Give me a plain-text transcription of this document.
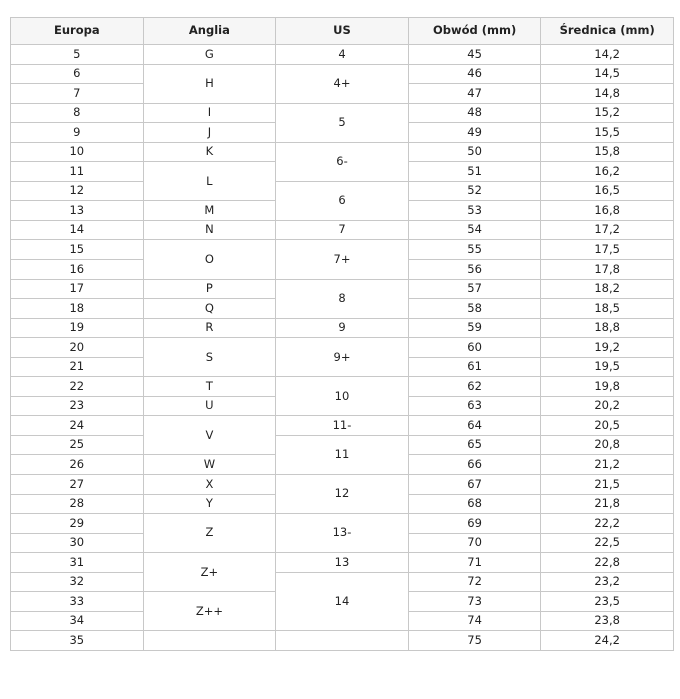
Europa	Anglia	US	Obwód (mm)	Średnica (mm)
5	G	4	45	14,2
6	H	4+	46	14,5
7			47	14,8
8	I	5	48	15,2
9	J		49	15,5
10	K	6-	50	15,8
11	L		51	16,2
12		6	52	16,5
13	M		53	16,8
14	N	7	54	17,2
15	O	7+	55	17,5
16			56	17,8
17	P	8	57	18,2
18	Q		58	18,5
19	R	9	59	18,8
20	S	9+	60	19,2
21			61	19,5
22	T	10	62	19,8
23	U		63	20,2
24	V	11-	64	20,5
25		11	65	20,8
26	W		66	21,2
27	X	12	67	21,5
28	Y		68	21,8
29	Z	13-	69	22,2
30			70	22,5
31	Z+	13	71	22,8
32		14	72	23,2
33	Z++		73	23,5
34			74	23,8
35			75	24,2
